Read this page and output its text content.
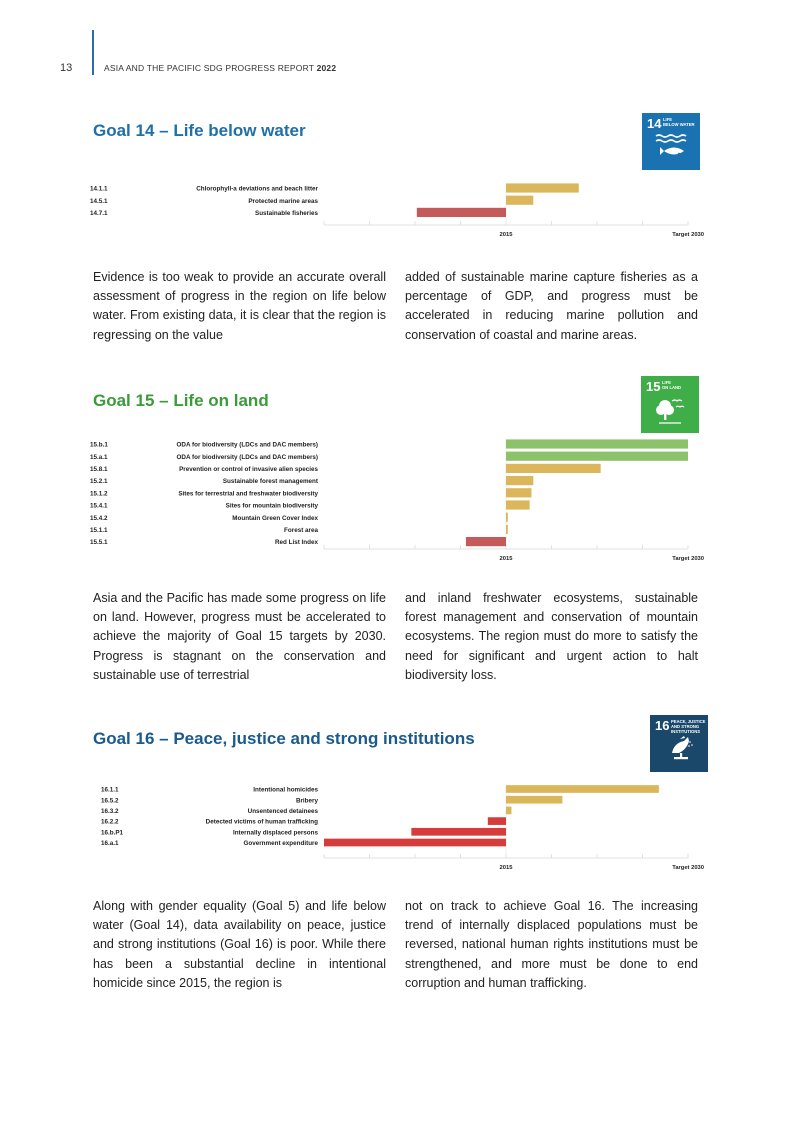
13	ASIA AND THE PACIFIC SDG PROGRESS REPORT 2022
Goal 14 – Life below water	14 LIFE
BELOW WATER
14.1.1	Chlorophyll-a deviations and beach litter
14.5.1	Protected marine areas
14.7.1	Sustainable fisheries
2015	Target 2030
15.b.1	ODA for biodiversity (LDCs and DAC members)
15.a.1	ODA for biodiversity (LDCs and DAC members)
15.8.1	Prevention or control of invasive alien species
15.2.1	Sustainable forest management
15.1.2	Sites for terrestrial and freshwater biodiversity
15.4.1	Sites for mountain biodiversity
15.4.2	Mountain Green Cover Index
15.1.1	Forest area
15.5.1	Red List Index
2015	Target 2030
16.1.1	Intentional homicides
16.5.2	Bribery
16.3.2	Unsentenced detainees
16.2.2	Detected victims of human trafficking
16.b.P1	Internally displaced persons
16.a.1	Government expenditure
2015	Target 2030
Evidence is too weak to provide an accurate overall assessment of progress in the region on life below water. From existing data, it is clear that the region is regressing on the value
added of sustainable marine capture fisheries as a percentage of GDP, and progress must be accelerated in reducing marine pollution and conservation of coastal and marine areas.
Goal 15 – Life on land
15 LIFE
ON LAND
Asia and the Pacific has made some progress on life on land. However, progress must be accelerated to achieve the majority of Goal 15 targets by 2030. Progress is stagnant on the conservation and sustainable use of terrestrial
and inland freshwater ecosystems, sustainable forest management and conservation of mountain ecosystems. The region must do more to satisfy the need for significant and urgent action to halt biodiversity loss.
Goal 16 – Peace, justice and strong institutions
16 PEACE, JUSTICE
AND STRONG
INSTITUTIONS
Along with gender equality (Goal 5) and life below water (Goal 14), data availability on peace, justice and strong institutions (Goal 16) is poor. While there has been a substantial decline in intentional homicide since 2015, the region is
not on track to achieve Goal 16. The increasing trend of internally displaced populations must be reversed, national human rights institutions must be strengthened, and more must be done to end corruption and human trafficking.
